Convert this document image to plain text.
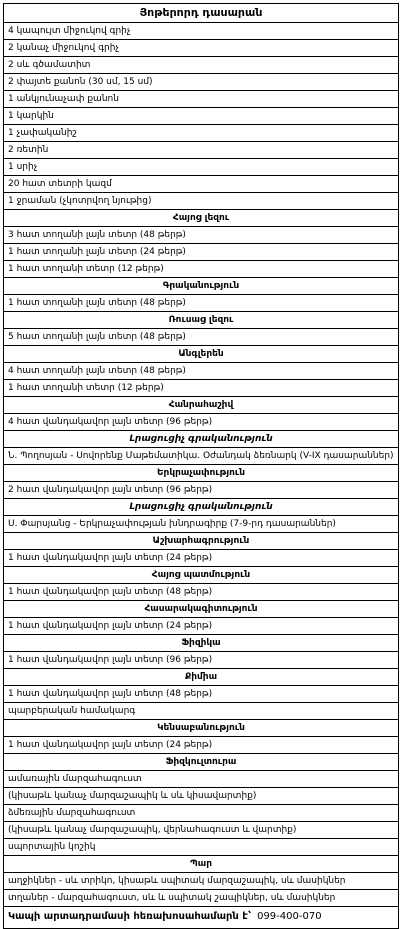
Յոթերորդ դասարան
4 կապույտ միջուկով գրիչ
2 կանաչ միջուկով գրիչ
2 սև գծամատիտ
2 փայտե քանոն (30 սմ, 15 սմ)
1 անկյունաչափ քանոն
1 կարկին
1 չափականիշ
2 ռետին
1 սրիչ
20 հատ տետրի կազմ
1 ջրաման (չկոտրվող նյութից)
Հայոց լեզու
3 հատ տողանի լայն տետր (48 թերթ)
1 հատ տողանի լայն տետր (24 թերթ)
1 հատ տողանի տետր (12 թերթ)
Գրականություն
1 հատ տողանի լայն տետր (48 թերթ)
Ռուսաց լեզու
5 հատ տողանի լայն տետր (48 թերթ)
Անգլերեն
4 հատ տողանի լայն տետր (48 թերթ)
1 հատ տողանի տետր (12 թերթ)
Հանրահաշիվ
4 հատ վանդակավոր լայն տետր (96 թերթ)
Լրացուցիչ գրականություն
Ն. Պողոսյան - Սովորենք Մաթեմատիկա. Օժանդակ ձեռնարկ (V-IX դասարաններ)
Երկրաչափություն
2 հատ վանդակավոր լայն տետր (96 թերթ)
Լրացուցիչ գրականություն
Ս. Փարսյանց - Երկրաչափության խնդրագիրք (7-9-րդ դասարաններ)
Աշխարհագրություն
1 հատ վանդակավոր լայն տետր (24 թերթ)
Հայոց պատմություն
1 հատ վանդակավոր լայն տետր (48 թերթ)
Հասարակագիտություն
1 հատ վանդակավոր լայն տետր (24 թերթ)
Ֆիզիկա
1 հատ վանդակավոր լայն տետր (96 թերթ)
Քիմիա
1 հատ վանդակավոր լայն տետր (48 թերթ)
պարբերական համակարգ
Կենսաբանություն
1 հատ վանդակավոր լայն տետր (24 թերթ)
Ֆիզկուլտուրա
ամառային մարզահագուստ
(կիսաթև կանաչ մարզաշապիկ և սև կիսավարտիք)
ձմեռային մարզահագուստ
(կիսաթև կանաչ մարզաշապիկ, վերնահագուստ և վարտիք)
սպորտային կոշիկ
Պար
աղջիկներ - սև տրիկո, կիսաթև սպիտակ մարզաշապիկ, սև մասիկներ
տղաներ - մարզահագուստ, սև և սպիտակ շապիկներ, սև մասիկներ
Կապի արտադրամասի հեռախոսահամարն է՝ 099-400-070
